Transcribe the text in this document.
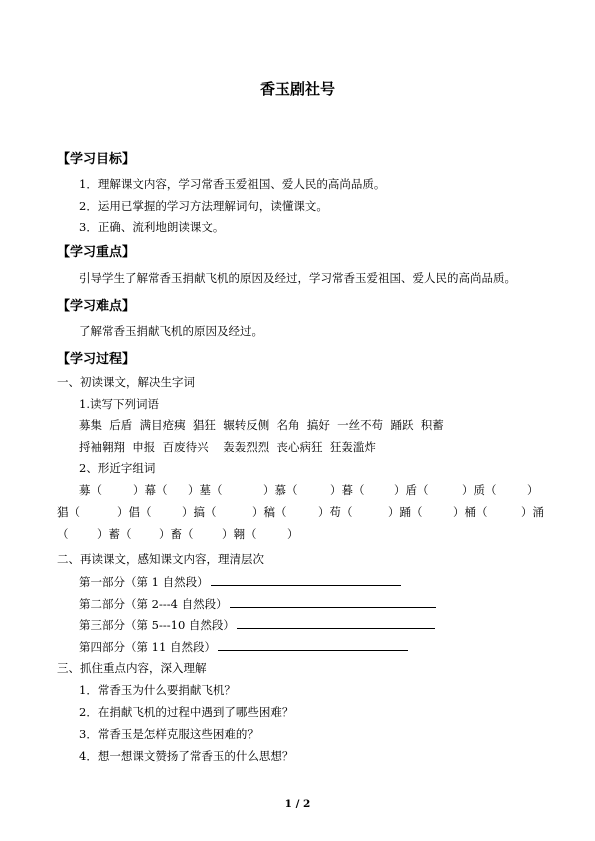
香玉剧社号
【学习目标】
1．理解课文内容，学习常香玉爱祖国、爱人民的高尚品质。
2．运用已掌握的学习方法理解词句，读懂课文。
3．正确、流利地朗读课文。
【学习重点】
引导学生了解常香玉捐献飞机的原因及经过，学习常香玉爱祖国、爱人民的高尚品质。
【学习难点】
了解常香玉捐献飞机的原因及经过。
【学习过程】
一、初读课文，解决生字词
1.读写下列词语
募集  后盾  满目疮痍  猖狂  辗转反侧  名角  搞好  一丝不苟  踊跃  积蓄
捋袖翱翔  申报  百废待兴    轰轰烈烈  丧心病狂  狂轰滥炸
2、形近字组词
募（	）幕（ ）墓（	）慕（	）暮（	）盾（	）质（	）
猖（	）倡（	）搞（	）稿（	）苟（	）踊（	）桶（	）涌
（ ）蓄（ ）畜（ ）翱（	）
二、再读课文，感知课文内容，理清层次
第一部分（第 1 自然段）
第二部分（第 2---4 自然段）
第三部分（第 5---10 自然段）
第四部分（第 11 自然段）
三、抓住重点内容，深入理解
1．常香玉为什么要捐献飞机？
2．在捐献飞机的过程中遇到了哪些困难？
3．常香玉是怎样克服这些困难的？
4．想一想课文赞扬了常香玉的什么思想？
1 / 2
